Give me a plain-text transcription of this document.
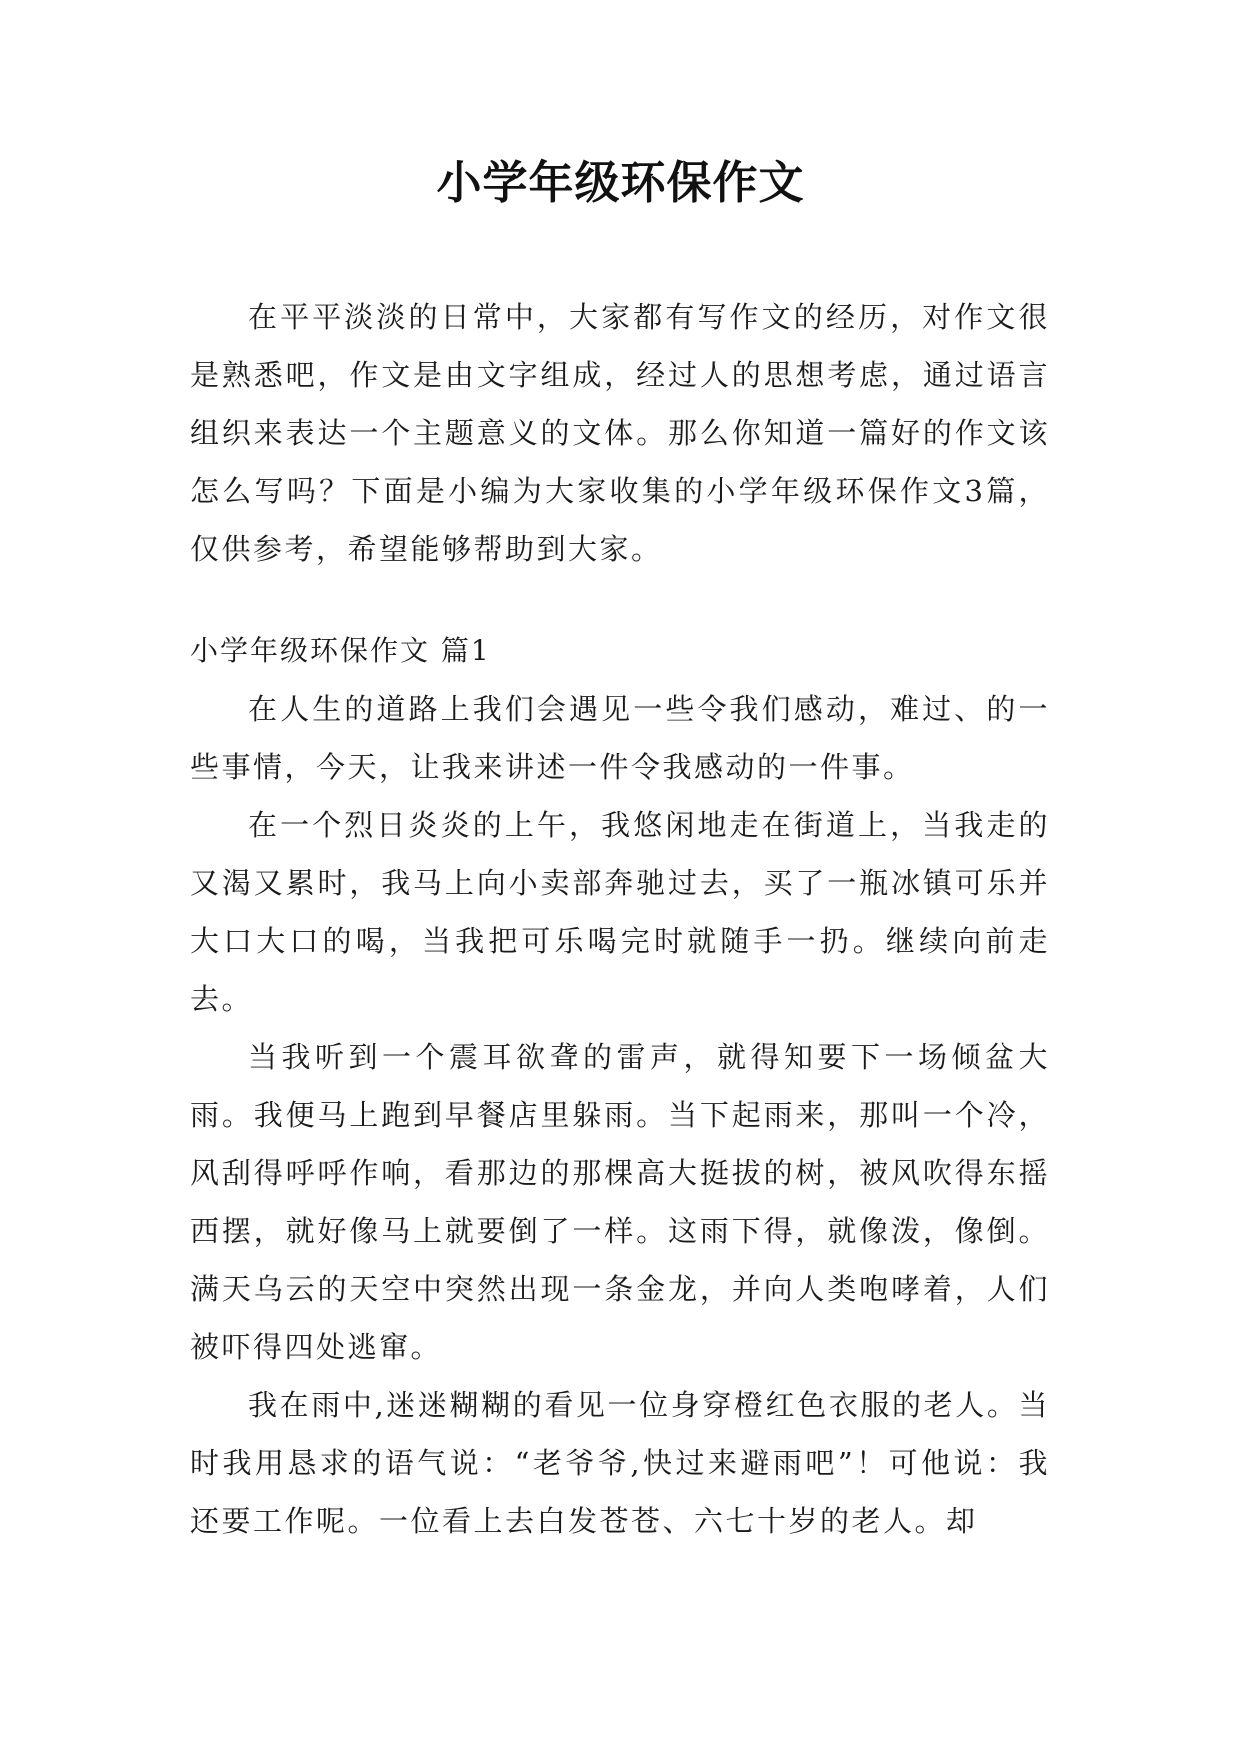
小学年级环保作文

在平平淡淡的日常中，大家都有写作文的经历，对作文很是熟悉吧，作文是由文字组成，经过人的思想考虑，通过语言组织来表达一个主题意义的文体。那么你知道一篇好的作文该怎么写吗？下面是小编为大家收集的小学年级环保作文3篇，仅供参考，希望能够帮助到大家。

小学年级环保作文 篇1

在人生的道路上我们会遇见一些令我们感动，难过、的一些事情，今天，让我来讲述一件令我感动的一件事。

在一个烈日炎炎的上午，我悠闲地走在街道上，当我走的又渴又累时，我马上向小卖部奔驰过去，买了一瓶冰镇可乐并大口大口的喝，当我把可乐喝完时就随手一扔。继续向前走去。

当我听到一个震耳欲聋的雷声，就得知要下一场倾盆大雨。我便马上跑到早餐店里躲雨。当下起雨来，那叫一个冷，风刮得呼呼作响，看那边的那棵高大挺拔的树，被风吹得东摇西摆，就好像马上就要倒了一样。这雨下得，就像泼，像倒。满天乌云的天空中突然出现一条金龙，并向人类咆哮着，人们被吓得四处逃窜。

我在雨中,迷迷糊糊的看见一位身穿橙红色衣服的老人。当时我用恳求的语气说：“老爷爷,快过来避雨吧”！可他说：我还要工作呢。一位看上去白发苍苍、六七十岁的老人。却
